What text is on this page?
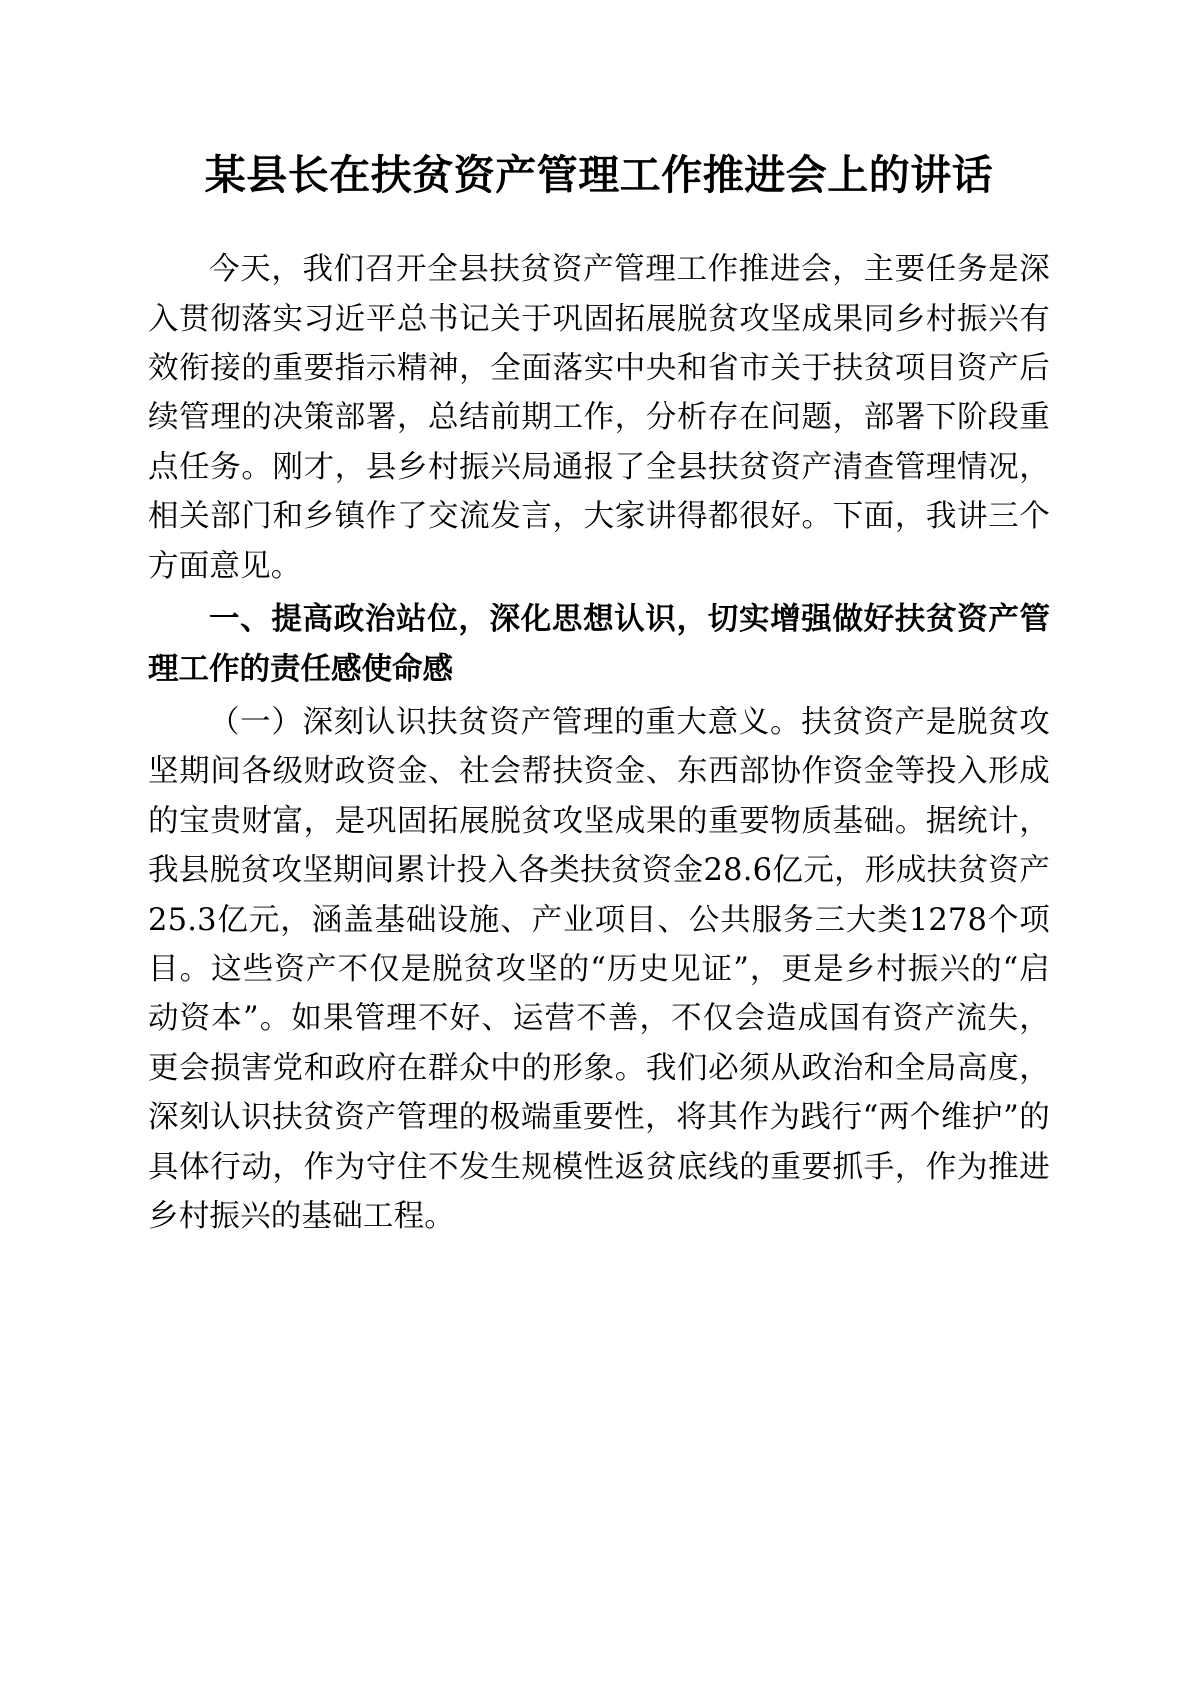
某县长在扶贫资产管理工作推进会上的讲话

今天，我们召开全县扶贫资产管理工作推进会，主要任务是深入贯彻落实习近平总书记关于巩固拓展脱贫攻坚成果同乡村振兴有效衔接的重要指示精神，全面落实中央和省市关于扶贫项目资产后续管理的决策部署，总结前期工作，分析存在问题，部署下阶段重点任务。刚才，县乡村振兴局通报了全县扶贫资产清查管理情况，相关部门和乡镇作了交流发言，大家讲得都很好。下面，我讲三个方面意见。

一、提高政治站位，深化思想认识，切实增强做好扶贫资产管理工作的责任感使命感

（一）深刻认识扶贫资产管理的重大意义。扶贫资产是脱贫攻坚期间各级财政资金、社会帮扶资金、东西部协作资金等投入形成的宝贵财富，是巩固拓展脱贫攻坚成果的重要物质基础。据统计，我县脱贫攻坚期间累计投入各类扶贫资金28.6亿元，形成扶贫资产25.3亿元，涵盖基础设施、产业项目、公共服务三大类1278个项目。这些资产不仅是脱贫攻坚的“历史见证”，更是乡村振兴的“启动资本”。如果管理不好、运营不善，不仅会造成国有资产流失，更会损害党和政府在群众中的形象。我们必须从政治和全局高度，深刻认识扶贫资产管理的极端重要性，将其作为践行“两个维护”的具体行动，作为守住不发生规模性返贫底线的重要抓手，作为推进乡村振兴的基础工程。
